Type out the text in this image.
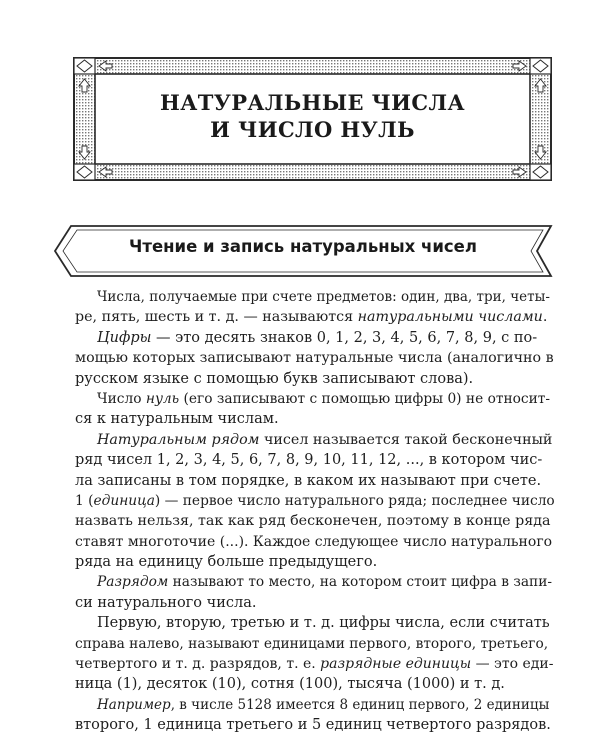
НАТУРАЛЬНЫЕ ЧИСЛА
И ЧИСЛО НУЛЬ
Чтение и запись натуральных чисел
Числа, получаемые при счете предметов: один, два, три, четы-
ре, пять, шесть и т. д. — называются натуральными числами.
Цифры — это десять знаков 0, 1, 2, 3, 4, 5, 6, 7, 8, 9, с по-
мощью которых записывают натуральные числа (аналогично в
русском языке с помощью букв записывают слова).
Число нуль (его записывают с помощью цифры 0) не относит-
ся к натуральным числам.
Натуральным рядом чисел называется такой бесконечный
ряд чисел 1, 2, 3, 4, 5, 6, 7, 8, 9, 10, 11, 12, ..., в котором чис-
ла записаны в том порядке, в каком их называют при счете.
1 (единица) — первое число натурального ряда; последнее число
назвать нельзя, так как ряд бесконечен, поэтому в конце ряда
ставят многоточие (...). Каждое следующее число натурального
ряда на единицу больше предыдущего.
Разрядом называют то место, на котором стоит цифра в запи-
си натурального числа.
Первую, вторую, третью и т. д. цифры числа, если считать
справа налево, называют единицами первого, второго, третьего,
четвертого и т. д. разрядов, т. е. разрядные единицы — это еди-
ница (1), десяток (10), сотня (100), тысяча (1000) и т. д.
Например, в числе 5128 имеется 8 единиц первого, 2 единицы
второго, 1 единица третьего и 5 единиц четвертого разрядов.
